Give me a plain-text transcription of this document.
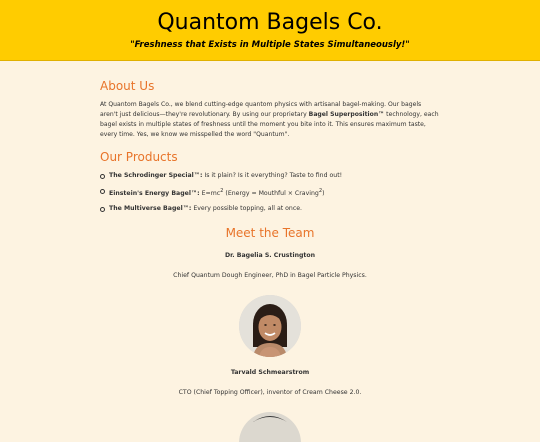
Quantom Bagels Co.
"Freshness that Exists in Multiple States Simultaneously!"
About Us

At Quantom Bagels Co., we blend cutting-edge quantom physics with artisanal bagel-making. Our bagels aren't just delicious—they're revolutionary. By using our proprietary Bagel Superposition™ technology, each bagel exists in multiple states of freshness until the moment you bite into it. This ensures maximum taste, every time. Yes, we know we misspelled the word "Quantum".

Our Products
The Schrodinger Special™: Is it plain? Is it everything? Taste to find out!
Einstein's Energy Bagel™: $E=mc^2$ (Energy = Mouthful × Craving$^2$)
The Multiverse Bagel™: Every possible topping, all at once.
Meet the Team
Dr. Bagelia S. Crustington
Chief Quantum Dough Engineer, PhD in Bagel Particle Physics.
Tarvald Schmearstrom
CTO (Chief Topping Officer), inventor of Cream Cheese 2.0.
